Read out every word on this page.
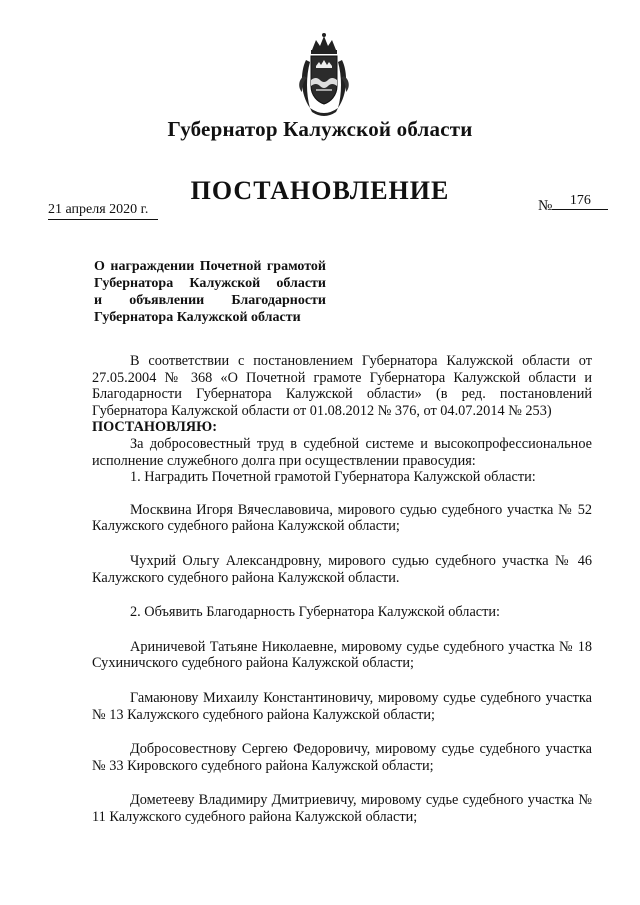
Губернатор Калужской области
ПОСТАНОВЛЕНИЕ
21 апреля 2020 г.	№ 176
О награждении Почетной грамотой
Губернатора Калужской области
и объявлении Благодарности
Губернатора Калужской области

В соответствии с постановлением Губернатора Калужской области от 27.05.2004 № 368 «О Почетной грамоте Губернатора Калужской области и Благодарности Губернатора Калужской области» (в ред. постановлений Губернатора Калужской области от 01.08.2012 № 376, от 04.07.2014 № 253)

ПОСТАНОВЛЯЮ:

За добросовестный труд в судебной системе и высокопрофессиональное исполнение служебного долга при осуществлении правосудия:

1. Наградить Почетной грамотой Губернатора Калужской области:

Москвина Игоря Вячеславовича, мирового судью судебного участка № 52 Калужского судебного района Калужской области;

Чухрий Ольгу Александровну, мирового судью судебного участка № 46 Калужского судебного района Калужской области.

2. Объявить Благодарность Губернатора Калужской области:

Ариничевой Татьяне Николаевне, мировому судье судебного участка № 18 Сухиничского судебного района Калужской области;

Гамаюнову Михаилу Константиновичу, мировому судье судебного участка № 13 Калужского судебного района Калужской области;

Добросовестнову Сергею Федоровичу, мировому судье судебного участка № 33 Кировского судебного района Калужской области;

Дометееву Владимиру Дмитриевичу, мировому судье судебного участка № 11 Калужского судебного района Калужской области;
